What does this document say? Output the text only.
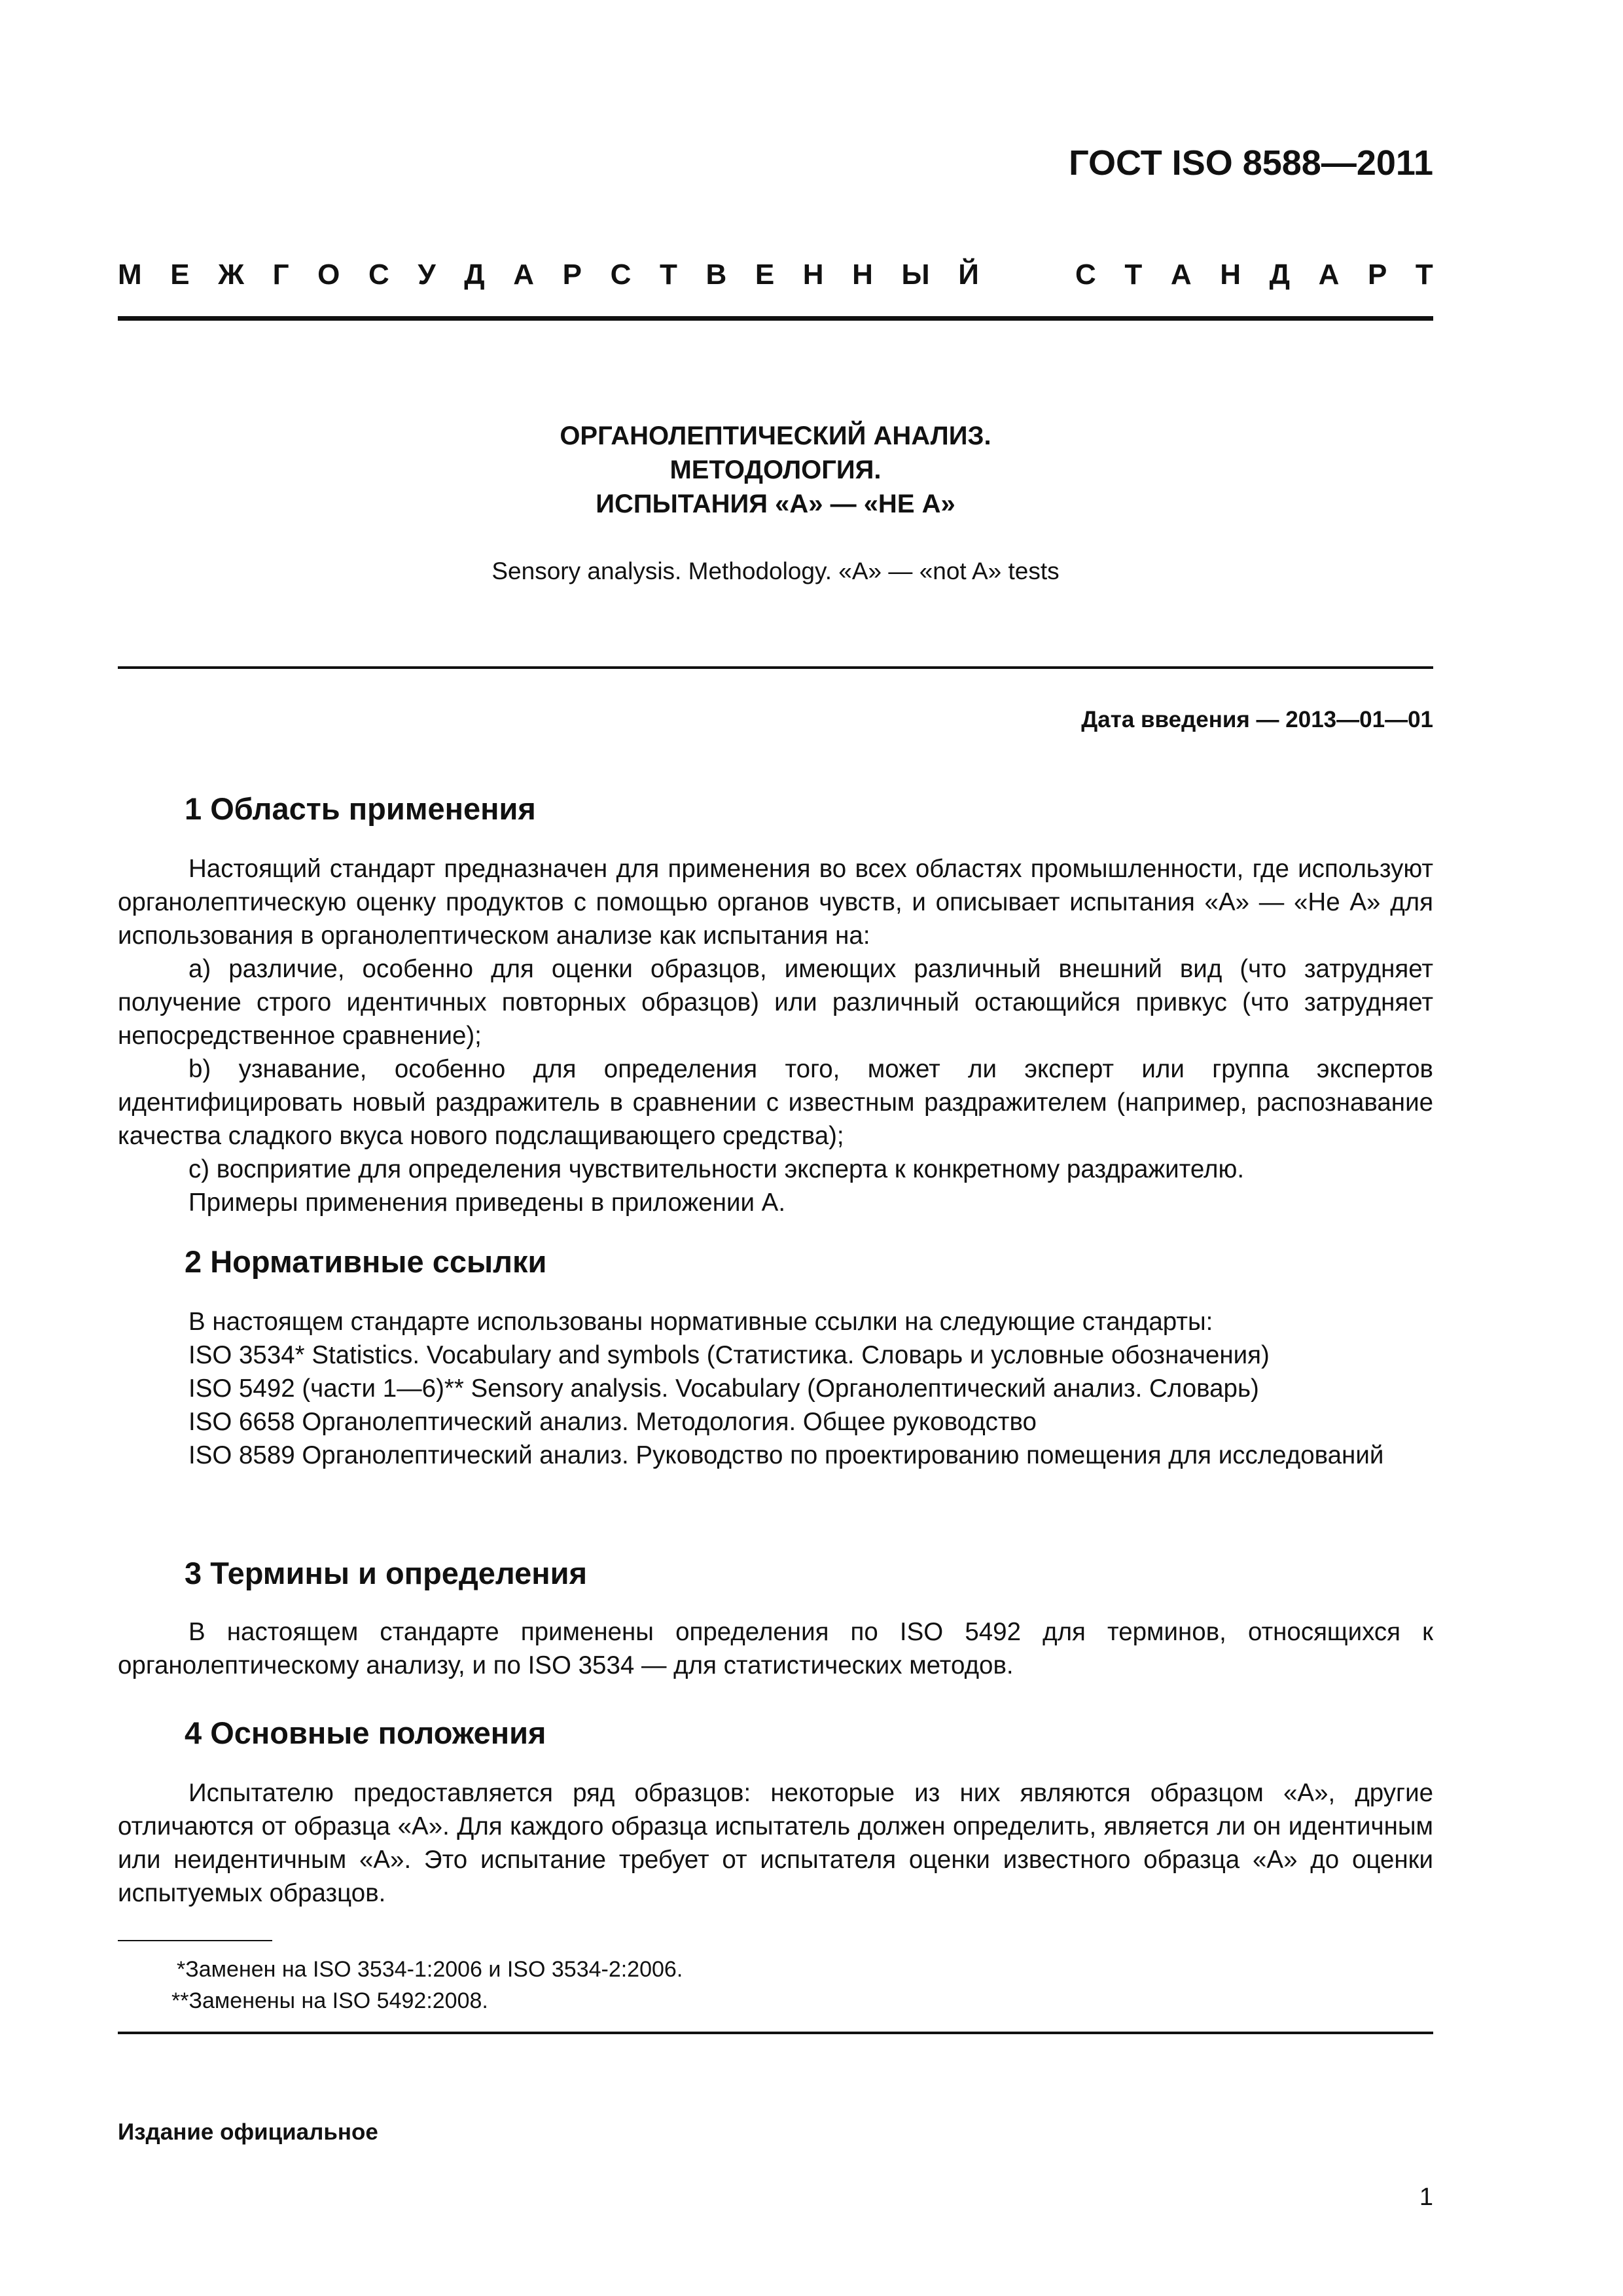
ГОСТ ISO 8588—2011
М Е Ж Г О С У Д А Р С Т В Е Н Н Ы Й	С Т А Н Д А Р Т
ОРГАНОЛЕПТИЧЕСКИЙ АНАЛИЗ.
МЕТОДОЛОГИЯ.
ИСПЫТАНИЯ «А» — «НЕ А»
Sensory analysis. Methodology. «A» — «not A» tests
Дата введения — 2013—01—01
1 Область применения

Настоящий стандарт предназначен для применения во всех областях промышленности, где используют органолептическую оценку продуктов с помощью органов чувств, и описывает испытания «А» — «Не А» для использования в органолептическом анализе как испытания на:

a) различие, особенно для оценки образцов, имеющих различный внешний вид (что затрудняет получение строго идентичных повторных образцов) или различный остающийся привкус (что затрудняет непосредственное сравнение);

b) узнавание, особенно для определения того, может ли эксперт или группа экспертов идентифицировать новый раздражитель в сравнении с известным раздражителем (например, распознавание качества сладкого вкуса нового подслащивающего средства);

c) восприятие для определения чувствительности эксперта к конкретному раздражителю.

Примеры применения приведены в приложении А.

2 Нормативные ссылки

В настоящем стандарте использованы нормативные ссылки на следующие стандарты:

ISO 3534* Statistics. Vocabulary and symbols (Статистика. Словарь и условные обозначения)

ISO 5492 (части 1—6)** Sensory analysis. Vocabulary (Органолептический анализ. Словарь)

ISO 6658 Органолептический анализ. Методология. Общее руководство

ISO 8589 Органолептический анализ. Руководство по проектированию помещения для исследований

3 Термины и определения

В настоящем стандарте применены определения по ISO 5492 для терминов, относящихся к органолептическому анализу, и по ISO 3534 — для статистических методов.

4 Основные положения

Испытателю предоставляется ряд образцов: некоторые из них являются образцом «А», другие отличаются от образца «А». Для каждого образца испытатель должен определить, является ли он идентичным или неидентичным «А». Это испытание требует от испытателя оценки известного образца «А» до оценки испытуемых образцов.

*Заменен на ISO 3534-1:2006 и ISO 3534-2:2006.
**Заменены на ISO 5492:2008.
Издание официальное
1
